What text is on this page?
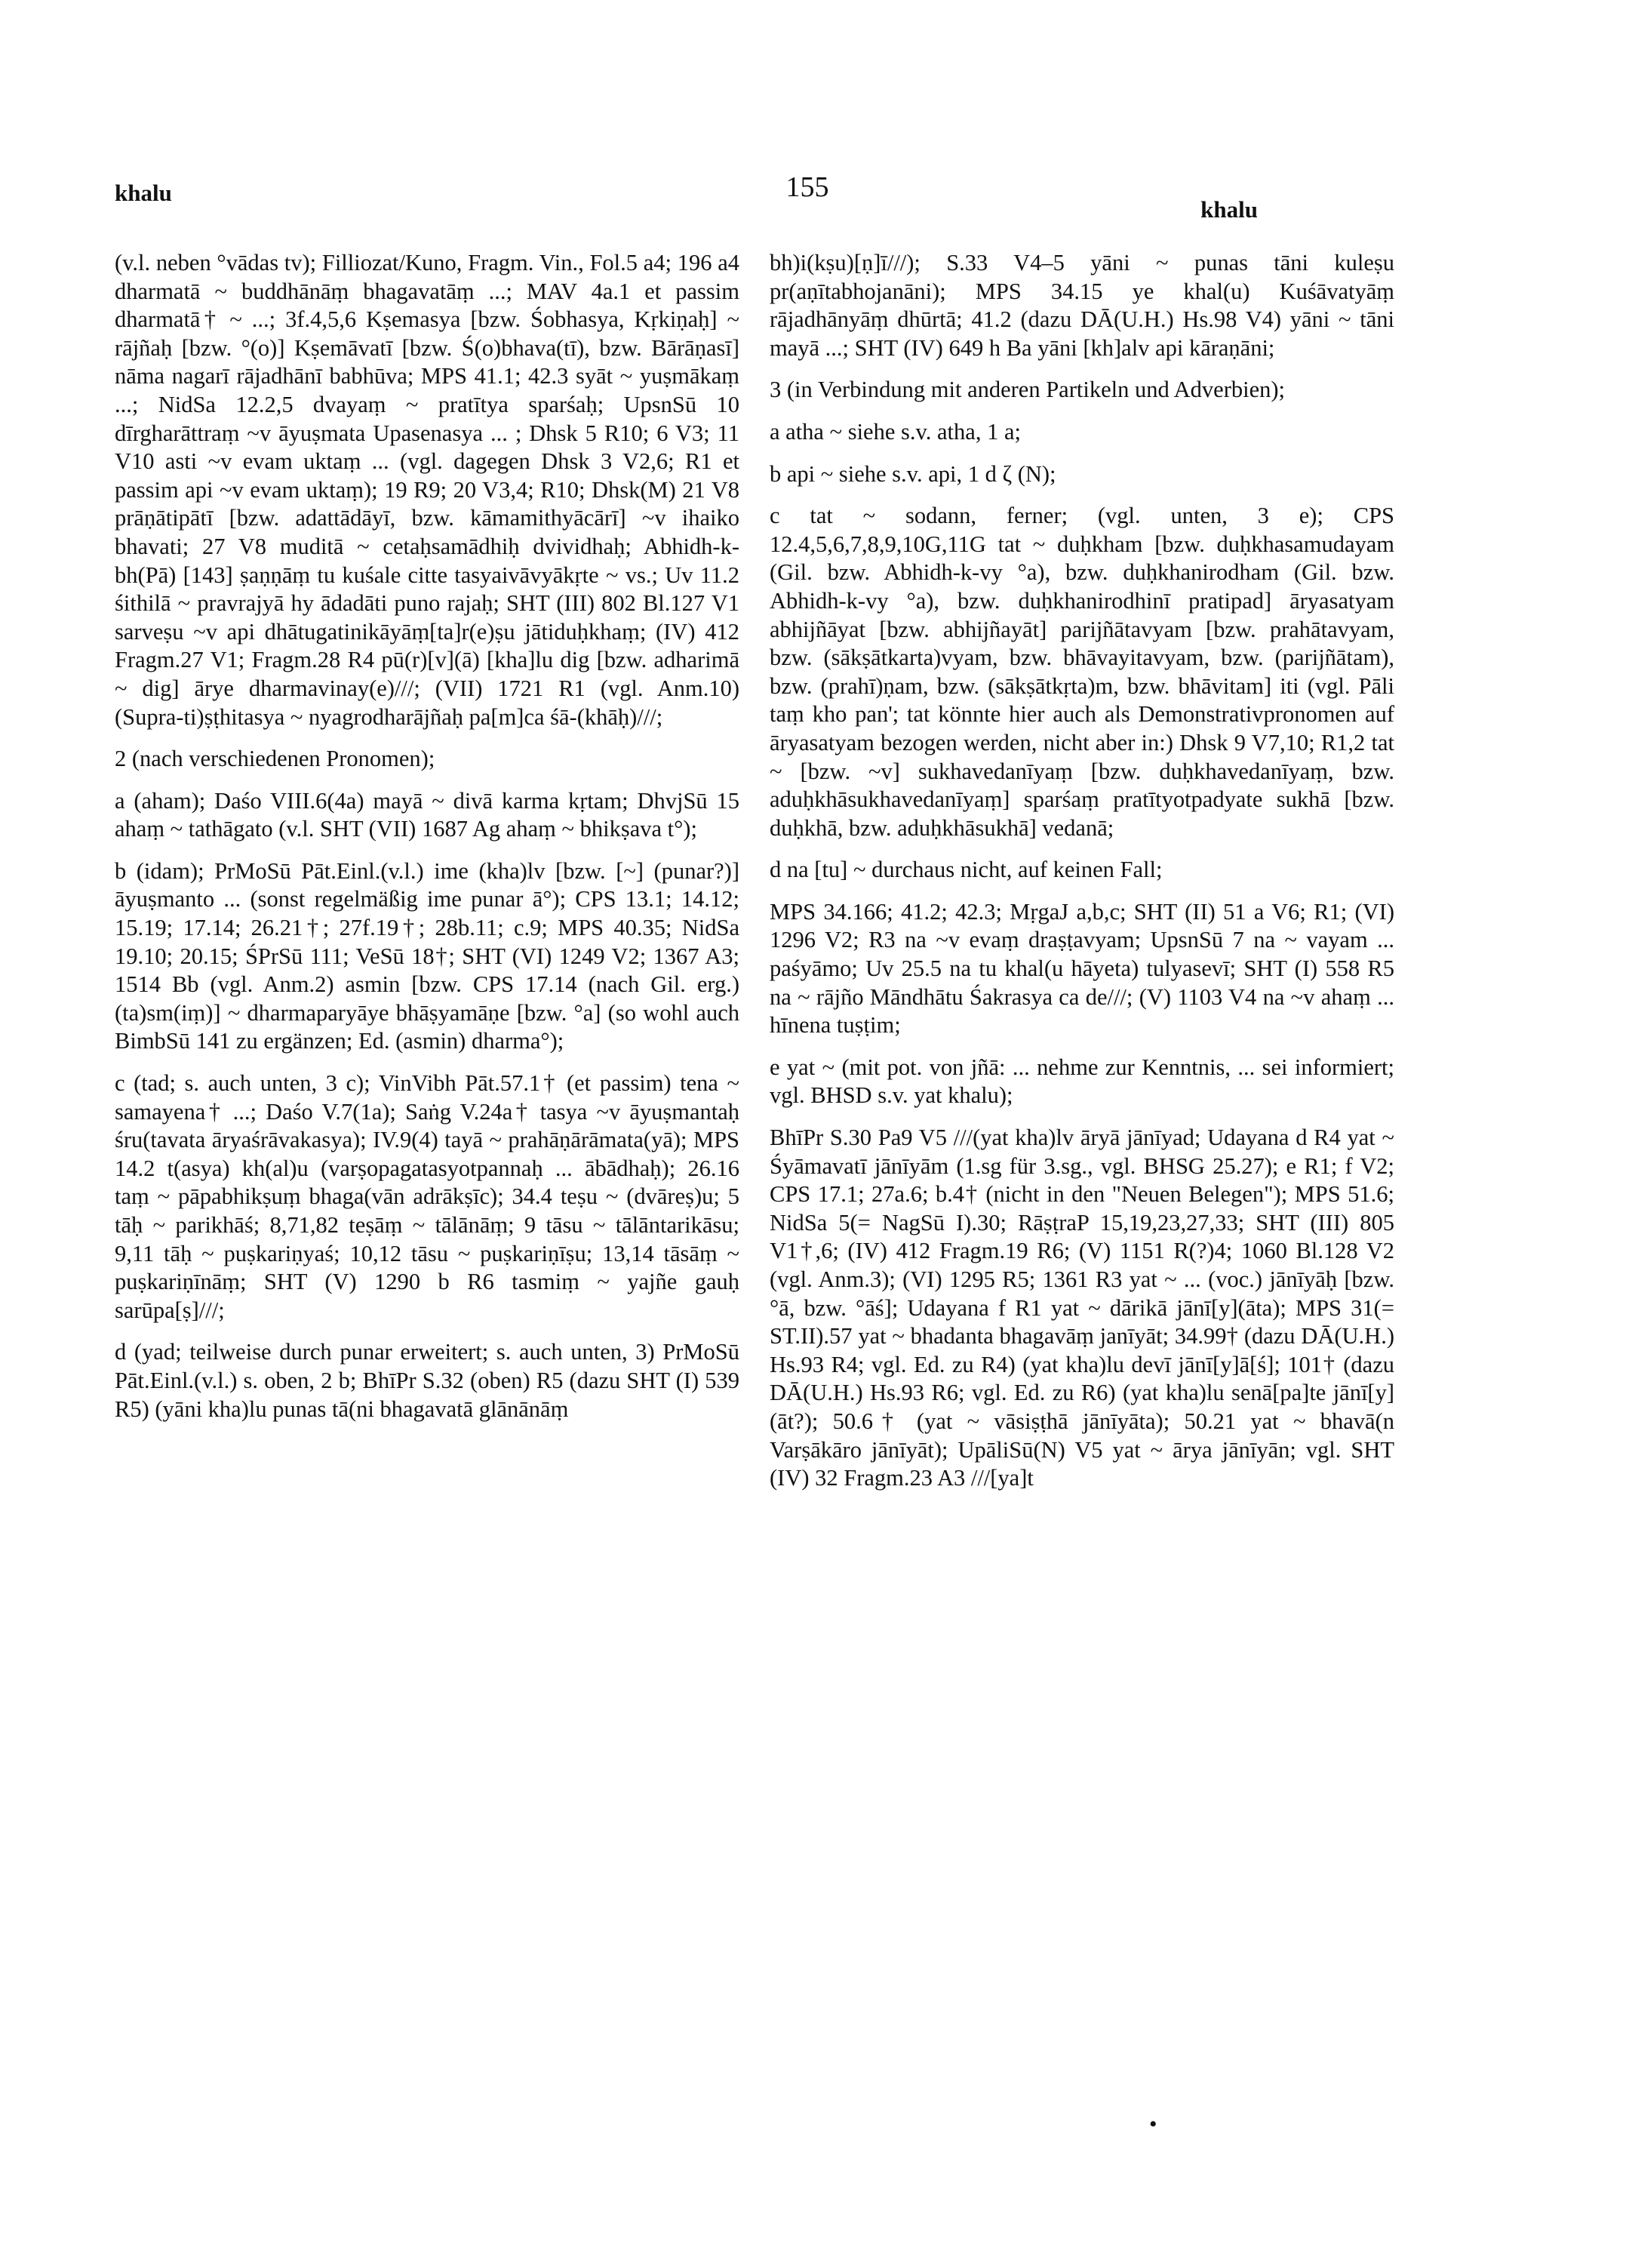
khalu	155
khalu

(v.l. neben °vādas tv); Filliozat/Kuno, Fragm. Vin., Fol.5 a4; 196 a4 dharmatā ~ buddhānāṃ bhagavatāṃ ...; MAV 4a.1 et passim dharmatā† ~ ...; 3f.4,5,6 Kṣemasya [bzw. Śobhasya, Kṛkiṇaḥ] ~ rājñaḥ [bzw. °(o)] Kṣemāvatī [bzw. Ś(o)bhava(tī), bzw. Bārāṇasī] nāma nagarī rājadhānī babhūva; MPS 41.1; 42.3 syāt ~ yuṣmākaṃ ...; NidSa 12.2,5 dvayaṃ ~ pratītya sparśaḥ; UpsnSū 10 dīrgharāttraṃ ~v āyuṣmata Upasenasya ... ; Dhsk 5 R10; 6 V3; 11 V10 asti ~v evam uktaṃ ... (vgl. dagegen Dhsk 3 V2,6; R1 et passim api ~v evam uktaṃ); 19 R9; 20 V3,4; R10; Dhsk(M) 21 V8 prāṇātipātī [bzw. adattādāyī, bzw. kāmamithyācārī] ~v ihaiko bhavati; 27 V8 muditā ~ cetaḥsamādhiḥ dvividhaḥ; Abhidh-k-bh(Pā) [143] ṣaṇṇāṃ tu kuśale citte tasyaivāvyākṛte ~ vs.; Uv 11.2 śithilā ~ pravrajyā hy ādadāti puno rajaḥ; SHT (III) 802 Bl.127 V1 sarveṣu ~v api dhātugatinikāyāṃ[ta]r(e)ṣu jātiduḥkhaṃ; (IV) 412 Fragm.27 V1; Fragm.28 R4 pū(r)[v](ā) [kha]lu dig [bzw. adharimā ~ dig] ārye dharmavinay(e)///; (VII) 1721 R1 (vgl. Anm.10) (Supra-ti)ṣṭhitasya ~ nyagrodharājñaḥ pa[m]ca śā-(khāḥ)///;

2 (nach verschiedenen Pronomen);

a (aham); Daśo VIII.6(4a) mayā ~ divā karma kṛtam; DhvjSū 15 ahaṃ ~ tathāgato (v.l. SHT (VII) 1687 Ag ahaṃ ~ bhikṣava t°);

b (idam); PrMoSū Pāt.Einl.(v.l.) ime (kha)lv [bzw. [~] (punar?)] āyuṣmanto ... (sonst regelmäßig ime punar ā°); CPS 13.1; 14.12; 15.19; 17.14; 26.21†; 27f.19†; 28b.11; c.9; MPS 40.35; NidSa 19.10; 20.15; ŚPrSū 111; VeSū 18†; SHT (VI) 1249 V2; 1367 A3; 1514 Bb (vgl. Anm.2) asmin [bzw. CPS 17.14 (nach Gil. erg.) (ta)sm(iṃ)] ~ dharmaparyāye bhāṣyamāṇe [bzw. °a] (so wohl auch BimbSū 141 zu ergänzen; Ed. (asmin) dharma°);

c (tad; s. auch unten, 3 c); VinVibh Pāt.57.1† (et passim) tena ~ samayena† ...; Daśo V.7(1a); Saṅg V.24a† tasya ~v āyuṣmantaḥ śru(tavata āryaśrāvakasya); IV.9(4) tayā ~ prahāṇārāmata(yā); MPS 14.2 t(asya) kh(al)u (varṣopagatasyotpannaḥ ... ābādhaḥ); 26.16 taṃ ~ pāpabhikṣuṃ bhaga(vān adrākṣīc); 34.4 teṣu ~ (dvāreṣ)u; 5 tāḥ ~ parikhāś; 8,71,82 teṣāṃ ~ tālānāṃ; 9 tāsu ~ tālāntarikāsu; 9,11 tāḥ ~ puṣkariṇyaś; 10,12 tāsu ~ puṣkariṇīṣu; 13,14 tāsāṃ ~ puṣkariṇīnāṃ; SHT (V) 1290 b R6 tasmiṃ ~ yajñe gauḥ sarūpa[ṣ]///;

d (yad; teilweise durch punar erweitert; s. auch unten, 3) PrMoSū Pāt.Einl.(v.l.) s. oben, 2 b; BhīPr S.32 (oben) R5 (dazu SHT (I) 539 R5) (yāni kha)lu punas tā(ni bhagavatā glānānāṃ

bh)i(kṣu)[ṇ]ī///); S.33 V4–5 yāni ~ punas tāni kuleṣu pr(aṇītabhojanāni); MPS 34.15 ye khal(u) Kuśāvatyāṃ rājadhānyāṃ dhūrtā; 41.2 (dazu DĀ(U.H.) Hs.98 V4) yāni ~ tāni mayā ...; SHT (IV) 649 h Ba yāni [kh]alv api kāraṇāni;

3 (in Verbindung mit anderen Partikeln und Adverbien);

a atha ~ siehe s.v. atha, 1 a;

b api ~ siehe s.v. api, 1 d ζ (N);

c tat ~ sodann, ferner; (vgl. unten, 3 e); CPS 12.4,5,6,7,8,9,10G,11G tat ~ duḥkham [bzw. duḥkhasamudayam (Gil. bzw. Abhidh-k-vy °a), bzw. duḥkhanirodham (Gil. bzw. Abhidh-k-vy °a), bzw. duḥkhanirodhinī pratipad] āryasatyam abhijñāyat [bzw. abhijñayāt] parijñātavyam [bzw. prahātavyam, bzw. (sākṣātkarta)vyam, bzw. bhāvayitavyam, bzw. (parijñātam), bzw. (prahī)ṇam, bzw. (sākṣātkṛta)m, bzw. bhāvitam] iti (vgl. Pāli taṃ kho pan'; tat könnte hier auch als Demonstrativpronomen auf āryasatyam bezogen werden, nicht aber in:) Dhsk 9 V7,10; R1,2 tat ~ [bzw. ~v] sukhavedanīyaṃ [bzw. duḥkhavedanīyaṃ, bzw. aduḥkhāsukhavedanīyaṃ] sparśaṃ pratītyotpadyate sukhā [bzw. duḥkhā, bzw. aduḥkhāsukhā] vedanā;

d na [tu] ~ durchaus nicht, auf keinen Fall;

MPS 34.166; 41.2; 42.3; MṛgaJ a,b,c; SHT (II) 51 a V6; R1; (VI) 1296 V2; R3 na ~v evaṃ draṣṭavyam; UpsnSū 7 na ~ vayam ... paśyāmo; Uv 25.5 na tu khal(u hāyeta) tulyasevī; SHT (I) 558 R5 na ~ rājño Māndhātu Śakrasya ca de///; (V) 1103 V4 na ~v ahaṃ ... hīnena tuṣṭim;

e yat ~ (mit pot. von jñā: ... nehme zur Kenntnis, ... sei informiert; vgl. BHSD s.v. yat khalu);

BhīPr S.30 Pa9 V5 ///(yat kha)lv āryā jānīyad; Udayana d R4 yat ~ Śyāmavatī jānīyām (1.sg für 3.sg., vgl. BHSG 25.27); e R1; f V2; CPS 17.1; 27a.6; b.4† (nicht in den "Neuen Belegen"); MPS 51.6; NidSa 5(= NagSū I).30; RāṣṭraP 15,19,23,27,33; SHT (III) 805 V1†,6; (IV) 412 Fragm.19 R6; (V) 1151 R(?)4; 1060 Bl.128 V2 (vgl. Anm.3); (VI) 1295 R5; 1361 R3 yat ~ ... (voc.) jānīyāḥ [bzw. °ā, bzw. °āś]; Udayana f R1 yat ~ dārikā jānī[y](āta); MPS 31(= ST.II).57 yat ~ bhadanta bhagavāṃ janīyāt; 34.99† (dazu DĀ(U.H.) Hs.93 R4; vgl. Ed. zu R4) (yat kha)lu devī jānī[y]ā[ś]; 101† (dazu DĀ(U.H.) Hs.93 R6; vgl. Ed. zu R6) (yat kha)lu senā[pa]te jānī[y](āt?); 50.6† (yat ~ vāsiṣṭhā jānīyāta); 50.21 yat ~ bhavā(n Varṣākāro jānīyāt); UpāliSū(N) V5 yat ~ ārya jānīyān; vgl. SHT (IV) 32 Fragm.23 A3 ///[ya]t

•
